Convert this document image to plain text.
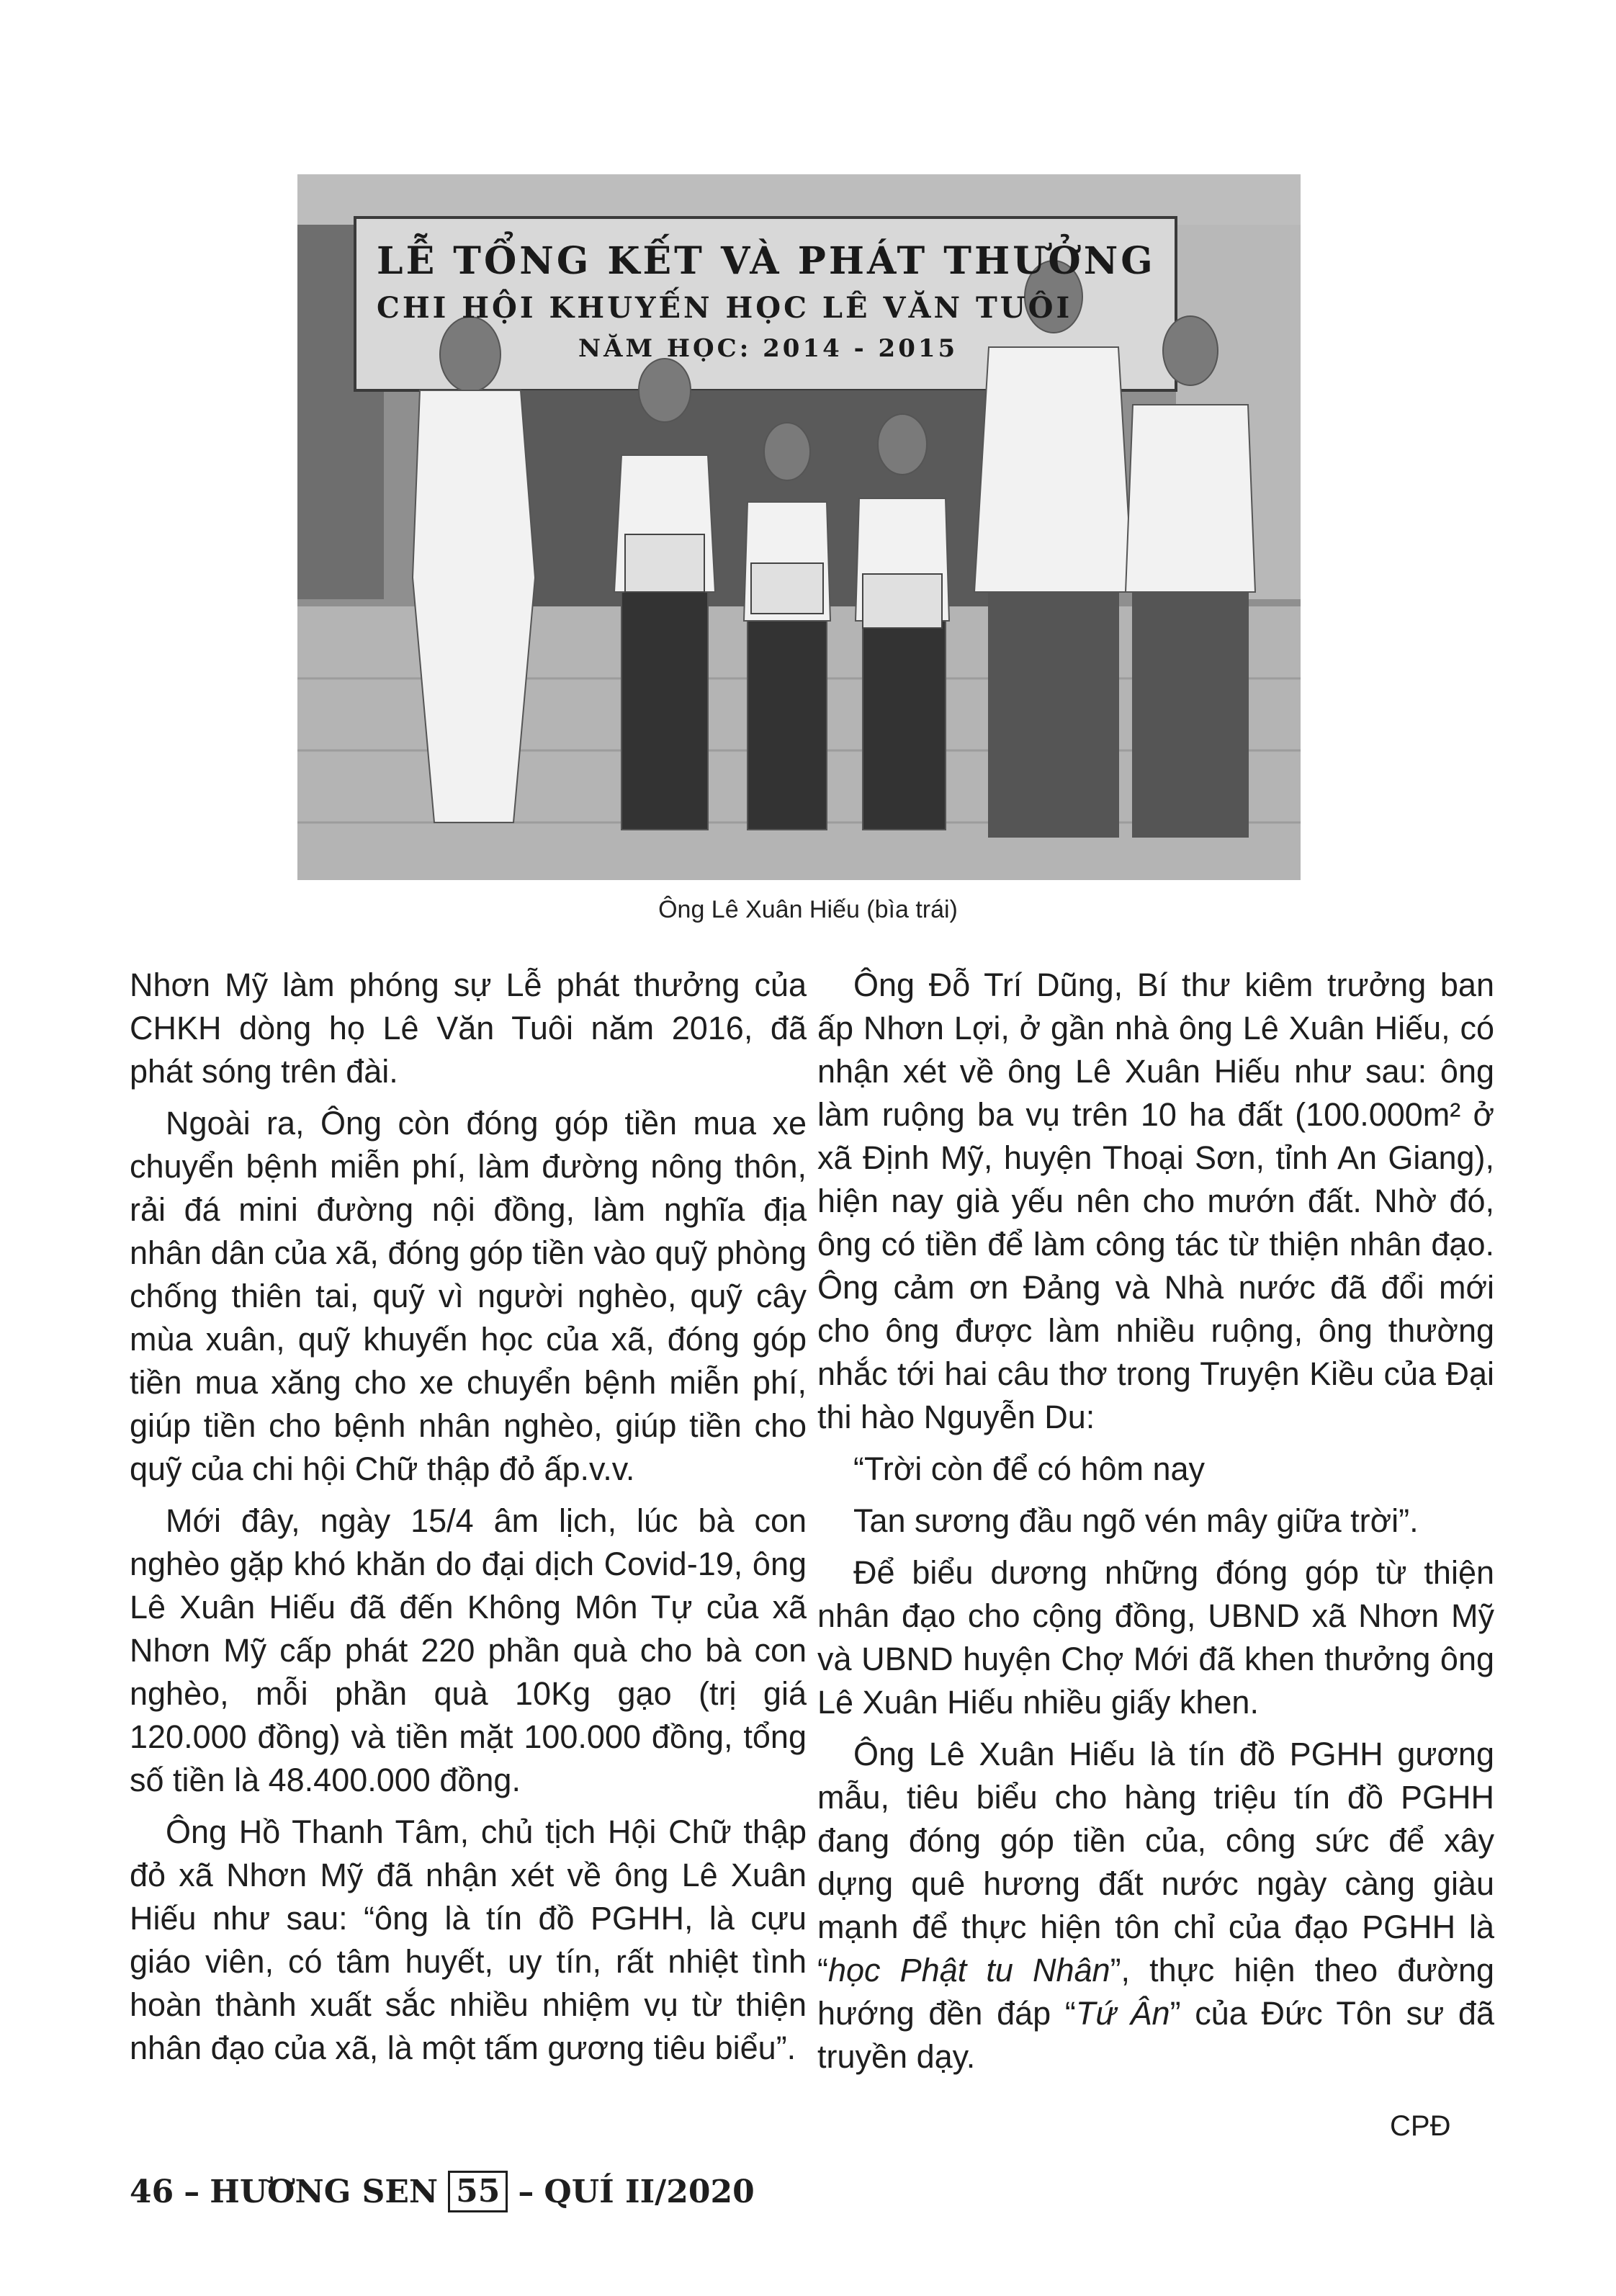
LỄ TỔNG KẾT VÀ PHÁT THƯỞNG
CHI HỘI KHUYẾN HỌC LÊ VĂN TUÔI
NĂM HỌC: 2014 - 2015
Ông Lê Xuân Hiếu (bìa trái)

Nhơn Mỹ làm phóng sự Lễ phát thưởng của CHKH dòng họ Lê Văn Tuôi năm 2016, đã phát sóng trên đài.

Ngoài ra, Ông còn đóng góp tiền mua xe chuyển bệnh miễn phí, làm đường nông thôn, rải đá mini đường nội đồng, làm nghĩa địa nhân dân của xã, đóng góp tiền vào quỹ phòng chống thiên tai, quỹ vì người nghèo, quỹ cây mùa xuân, quỹ khuyến học của xã, đóng góp tiền mua xăng cho xe chuyển bệnh miễn phí, giúp tiền cho bệnh nhân nghèo, giúp tiền cho quỹ của chi hội Chữ thập đỏ ấp.v.v.

Mới đây, ngày 15/4 âm lịch, lúc bà con nghèo gặp khó khăn do đại dịch Covid-19, ông Lê Xuân Hiếu đã đến Không Môn Tự của xã Nhơn Mỹ cấp phát 220 phần quà cho bà con nghèo, mỗi phần quà 10Kg gạo (trị giá 120.000 đồng) và tiền mặt 100.000 đồng, tổng số tiền là 48.400.000 đồng.

Ông Hồ Thanh Tâm, chủ tịch Hội Chữ thập đỏ xã Nhơn Mỹ đã nhận xét về ông Lê Xuân Hiếu như sau: “ông là tín đồ PGHH, là cựu giáo viên, có tâm huyết, uy tín, rất nhiệt tình hoàn thành xuất sắc nhiều nhiệm vụ từ thiện nhân đạo của xã, là một tấm gương tiêu biểu”.

Ông Đỗ Trí Dũng, Bí thư kiêm trưởng ban ấp Nhơn Lợi, ở gần nhà ông Lê Xuân Hiếu, có nhận xét về ông Lê Xuân Hiếu như sau: ông làm ruộng ba vụ trên 10 ha đất (100.000m² ở xã Định Mỹ, huyện Thoại Sơn, tỉnh An Giang), hiện nay già yếu nên cho mướn đất. Nhờ đó, ông có tiền để làm công tác từ thiện nhân đạo. Ông cảm ơn Đảng và Nhà nước đã đổi mới cho ông được làm nhiều ruộng, ông thường nhắc tới hai câu thơ trong Truyện Kiều của Đại thi hào Nguyễn Du:

“Trời còn để có hôm nay

Tan sương đầu ngõ vén mây giữa trời”.

Để biểu dương những đóng góp từ thiện nhân đạo cho cộng đồng, UBND xã Nhơn Mỹ và UBND huyện Chợ Mới đã khen thưởng ông Lê Xuân Hiếu nhiều giấy khen.

Ông Lê Xuân Hiếu là tín đồ PGHH gương mẫu, tiêu biểu cho hàng triệu tín đồ PGHH đang đóng góp tiền của, công sức để xây dựng quê hương đất nước ngày càng giàu mạnh để thực hiện tôn chỉ của đạo PGHH là “học Phật tu Nhân”, thực hiện theo đường hướng đền đáp “Tứ Ân” của Đức Tôn sư đã truyền dạy.

CPĐ
46 – HƯƠNG SEN 55 – QUÍ II/2020
